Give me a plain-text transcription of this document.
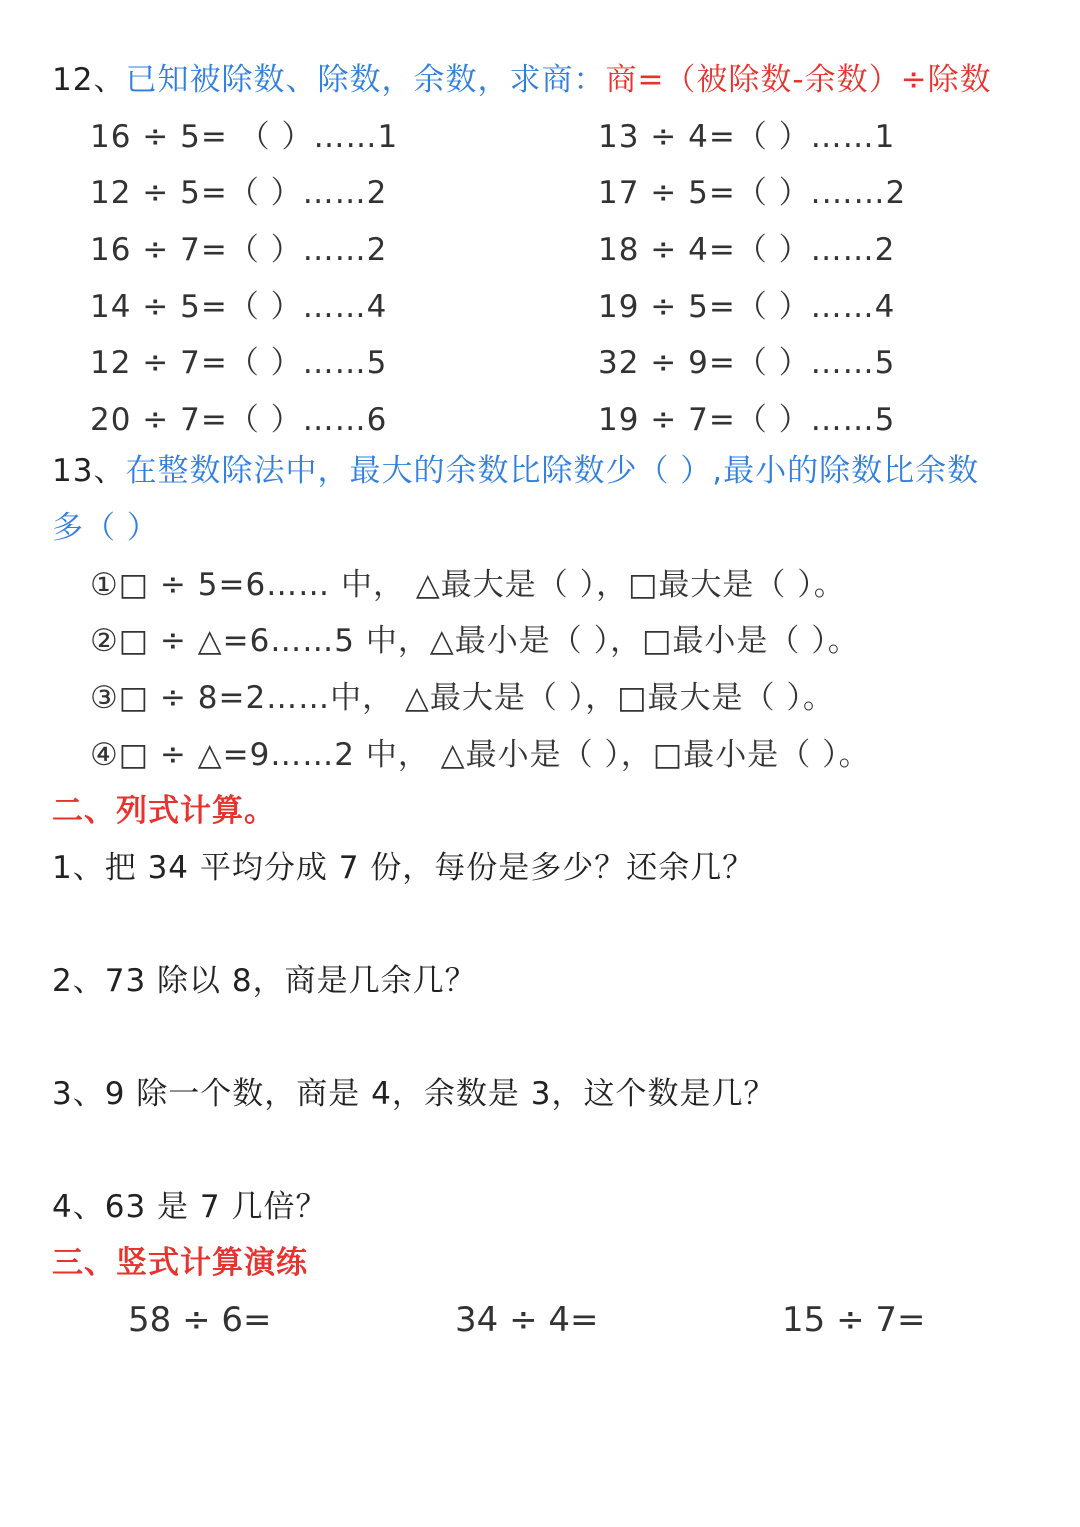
12、已知被除数、除数，余数，求商：商=（被除数-余数）÷除数
16 ÷ 5= （ ）……1
12 ÷ 5=（ ）……2
16 ÷ 7=（ ）……2
14 ÷ 5=（ ）……4
12 ÷ 7=（ ）……5
20 ÷ 7=（ ）……6
13 ÷ 4=（ ）……1
17 ÷ 5=（ ）.……2
18 ÷ 4=（ ）……2
19 ÷ 5=（ ）……4
32 ÷ 9=（ ）……5
19 ÷ 7=（ ）……5
13、在整数除法中，最大的余数比除数少（ ）,最小的除数比余数
多（ ）
①□ ÷ 5=6…… 中， △最大是（ ），□最大是（ ）。
②□ ÷ △=6……5 中，△最小是（ ），□最小是（ ）。
③□ ÷ 8=2……中， △最大是（ ），□最大是（ ）。
④□ ÷ △=9……2 中， △最小是（ ），□最小是（ ）。
二、列式计算。
1、把 34 平均分成 7 份，每份是多少？还余几？
2、73 除以 8，商是几余几？
3、9 除一个数，商是 4，余数是 3，这个数是几？
4、63 是 7 几倍？
三、竖式计算演练
58 ÷ 6=	34 ÷ 4=	15 ÷ 7=
